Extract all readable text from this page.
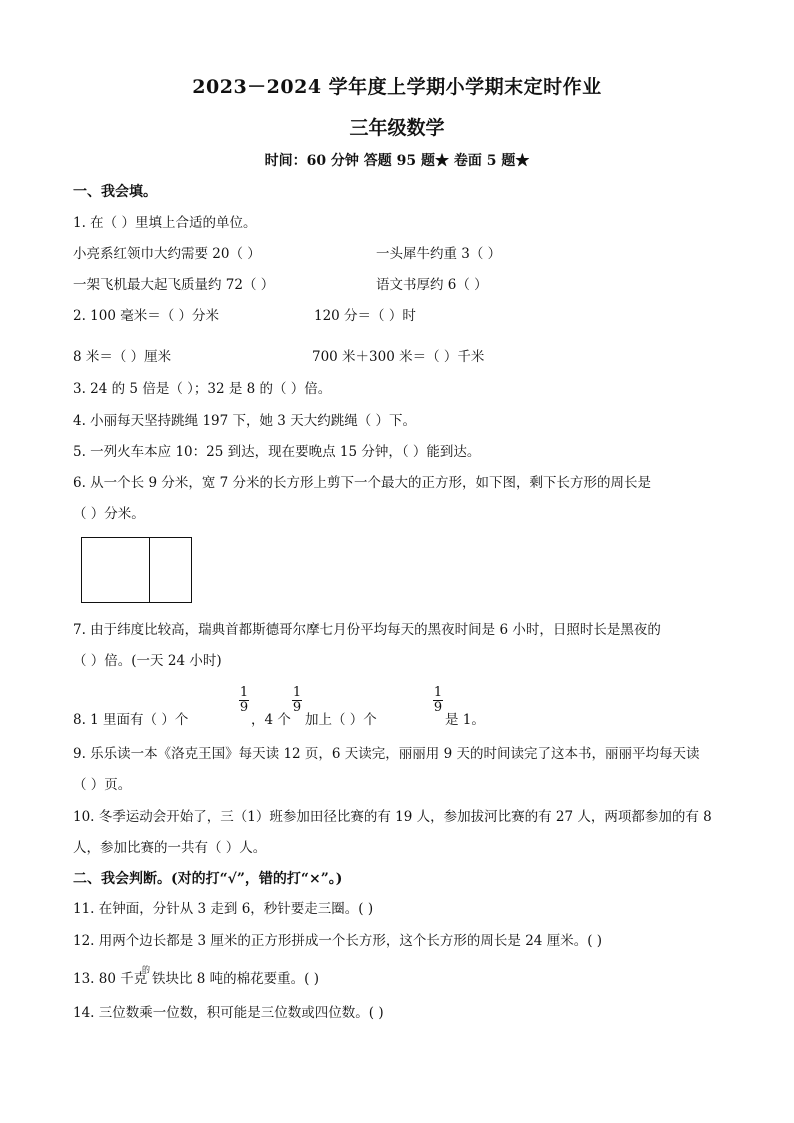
2023－2024 学年度上学期小学期末定时作业
三年级数学
时间：60 分钟 答题 95 题★ 卷面 5 题★
一、我会填。
1. 在（ ）里填上合适的单位。
小亮系红领巾大约需要 20（ ）	一头犀牛约重 3（ ）
一架飞机最大起飞质量约 72（ ）	语文书厚约 6（ ）
2. 100 毫米＝（ ）分米	120 分＝（ ）时
8 米＝（ ）厘米	700 米＋300 米＝（ ）千米
3. 24 的 5 倍是（ ）；32 是 8 的（ ）倍。
4. 小丽每天坚持跳绳 197 下，她 3 天大约跳绳（ ）下。
5. 一列火车本应 10：25 到达，现在要晚点 15 分钟，（ ）能到达。
6. 从一个长 9 分米，宽 7 分米的长方形上剪下一个最大的正方形，如下图，剩下长方形的周长是
（ ）分米。
7. 由于纬度比较高，瑞典首都斯德哥尔摩七月份平均每天的黑夜时间是 6 小时，日照时长是黑夜的
（ ）倍。(一天 24 小时)
8. 1 里面有（ ）个
$\frac{1}{9}$
，4 个
$\frac{1}{9}$
加上（ ）个
$\frac{1}{9}$
是 1。
9. 乐乐读一本《洛克王国》每天读 12 页，6 天读完，丽丽用 9 天的时间读完了这本书，丽丽平均每天读
（ ）页。
10. 冬季运动会开始了，三（1）班参加田径比赛的有 19 人，参加拔河比赛的有 27 人，两项都参加的有 8
人，参加比赛的一共有（ ）人。
二、我会判断。(对的打“√”，错的打“×”。)
11. 在钟面，分针从 3 走到 6，秒针要走三圈。( )
12. 用两个边长都是 3 厘米的正方形拼成一个长方形，这个长方形的周长是 24 厘米。( )
13. 80 千克
的
铁块比 8 吨的棉花要重。( )
14. 三位数乘一位数，积可能是三位数或四位数。( )
